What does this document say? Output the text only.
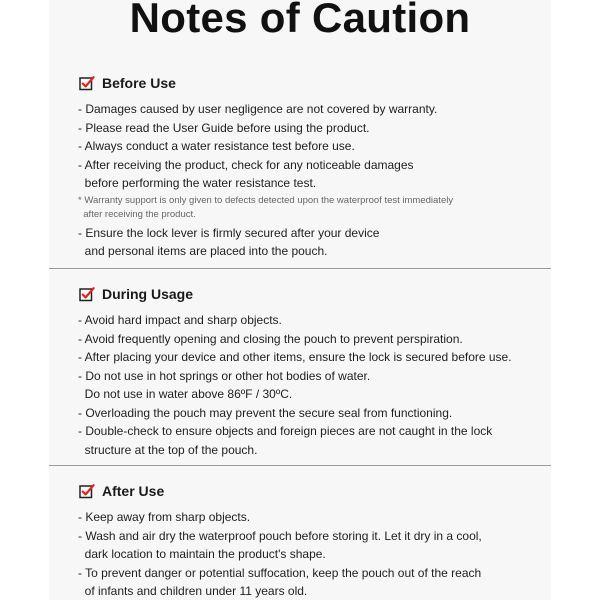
Notes of Caution
Before Use
- Damages caused by user negligence are not covered by warranty.
- Please read the User Guide before using the product.
- Always conduct a water resistance test before use.
- After receiving the product, check for any noticeable damages
before performing the water resistance test.
* Warranty support is only given to defects detected upon the waterproof test immediately
after receiving the product.
- Ensure the lock lever is firmly secured after your device
and personal items are placed into the pouch.
During Usage
- Avoid hard impact and sharp objects.
- Avoid frequently opening and closing the pouch to prevent perspiration.
- After placing your device and other items, ensure the lock is secured before use.
- Do not use in hot springs or other hot bodies of water.
Do not use in water above 86ºF / 30ºC.
- Overloading the pouch may prevent the secure seal from functioning.
- Double-check to ensure objects and foreign pieces are not caught in the lock
structure at the top of the pouch.
After Use
- Keep away from sharp objects.
- Wash and air dry the waterproof pouch before storing it. Let it dry in a cool,
dark location to maintain the product's shape.
- To prevent danger or potential suffocation, keep the pouch out of the reach
of infants and children under 11 years old.
